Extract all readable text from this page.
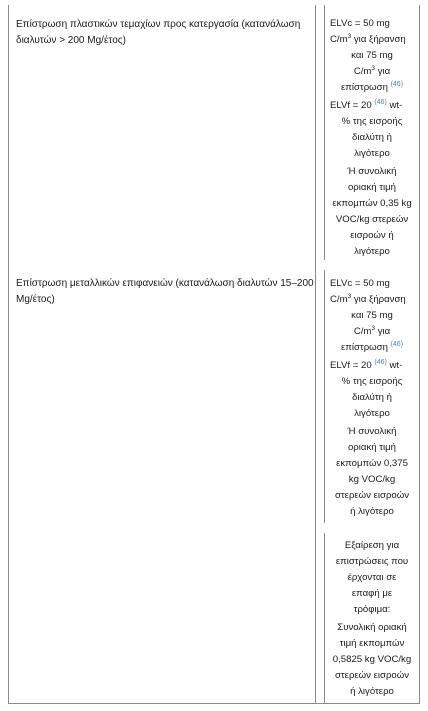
Επίστρωση πλαστικών τεμαχίων προς κατεργασία (κατανάλωση διαλυτών > 200 Mg/έτος)

ELVc = 50 mg
$C/m^3$ για ξήρανση
και 75 mg
$C/m^3$ για
επίστρωση $^{(46)}$
ELVf = 20 $^{(46)}$ wt-
% της εισροής
διαλύτη ή
λιγότερο
Ή συνολική
οριακή τιμή
εκπομπών 0,35 kg
VOC/kg στερεών
εισροών ή
λιγότερο

Επίστρωση μεταλλικών επιφανειών (κατανάλωση διαλυτών 15–200 Mg/έτος)

ELVc = 50 mg
$C/m^3$ για ξήρανση
και 75 mg
$C/m^3$ για
επίστρωση $^{(46)}$
ELVf = 20 $^{(46)}$ wt-
% της εισροής
διαλύτη ή
λιγότερο
Ή συνολική
οριακή τιμή
εκπομπών 0,375
kg VOC/kg
στερεών εισροών
ή λιγότερο
Εξαίρεση για
επιστρώσεις που
έρχονται σε
επαφή με
τρόφιμα:
Συνολική οριακή
τιμή εκπομπών
0,5825 kg VOC/kg
στερεών εισροών
ή λιγότερο
